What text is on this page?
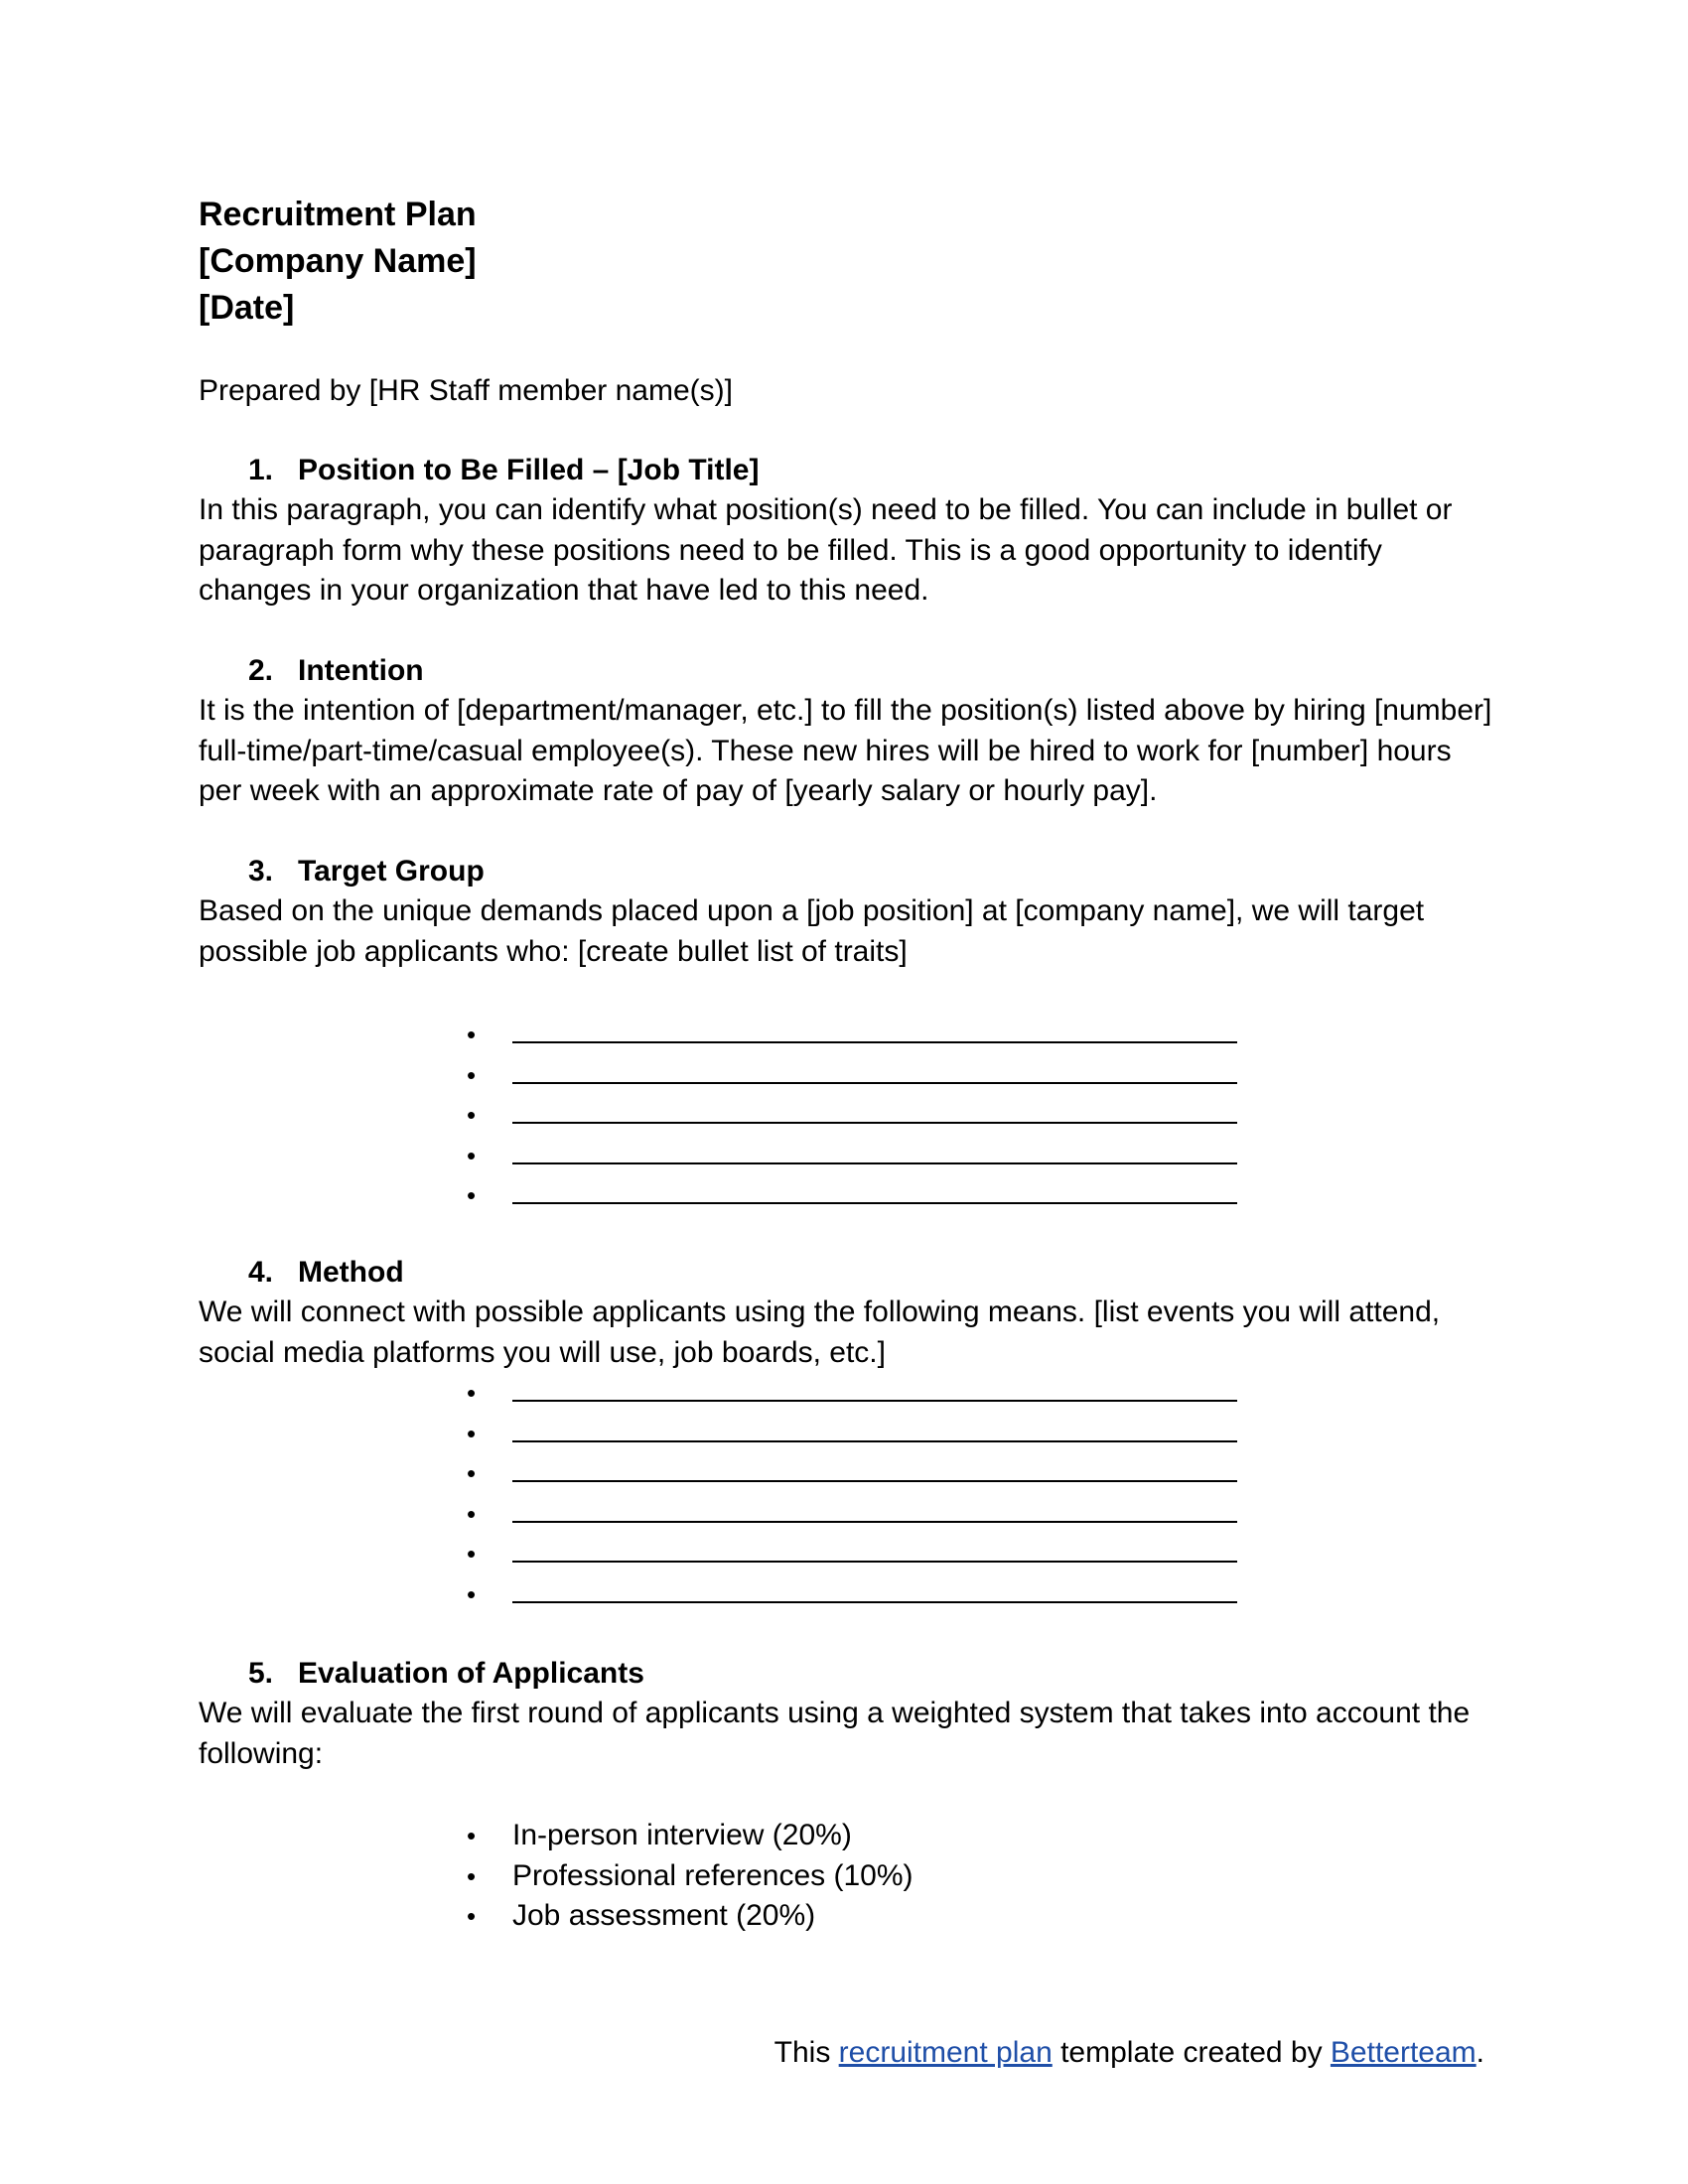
Recruitment Plan
[Company Name]
[Date]
Prepared by [HR Staff member name(s)]
1. Position to Be Filled – [Job Title]

In this paragraph, you can identify what position(s) need to be filled. You can include in bullet or paragraph form why these positions need to be filled. This is a good opportunity to identify changes in your organization that have led to this need.

2. Intention

It is the intention of [department/manager, etc.] to fill the position(s) listed above by hiring [number] full-time/part-time/casual employee(s). These new hires will be hired to work for [number] hours per week with an approximate rate of pay of [yearly salary or hourly pay].

3. Target Group

Based on the unique demands placed upon a [job position] at [company name], we will target possible job applicants who: [create bullet list of traits]

•
•
•
•
•
4. Method

We will connect with possible applicants using the following means. [list events you will attend, social media platforms you will use, job boards, etc.]

•
•
•
•
•
•
5. Evaluation of Applicants

We will evaluate the first round of applicants using a weighted system that takes into account the following:

•	In-person interview (20%)
•	Professional references (10%)
•	Job assessment (20%)
This recruitment plan template created by Betterteam.
